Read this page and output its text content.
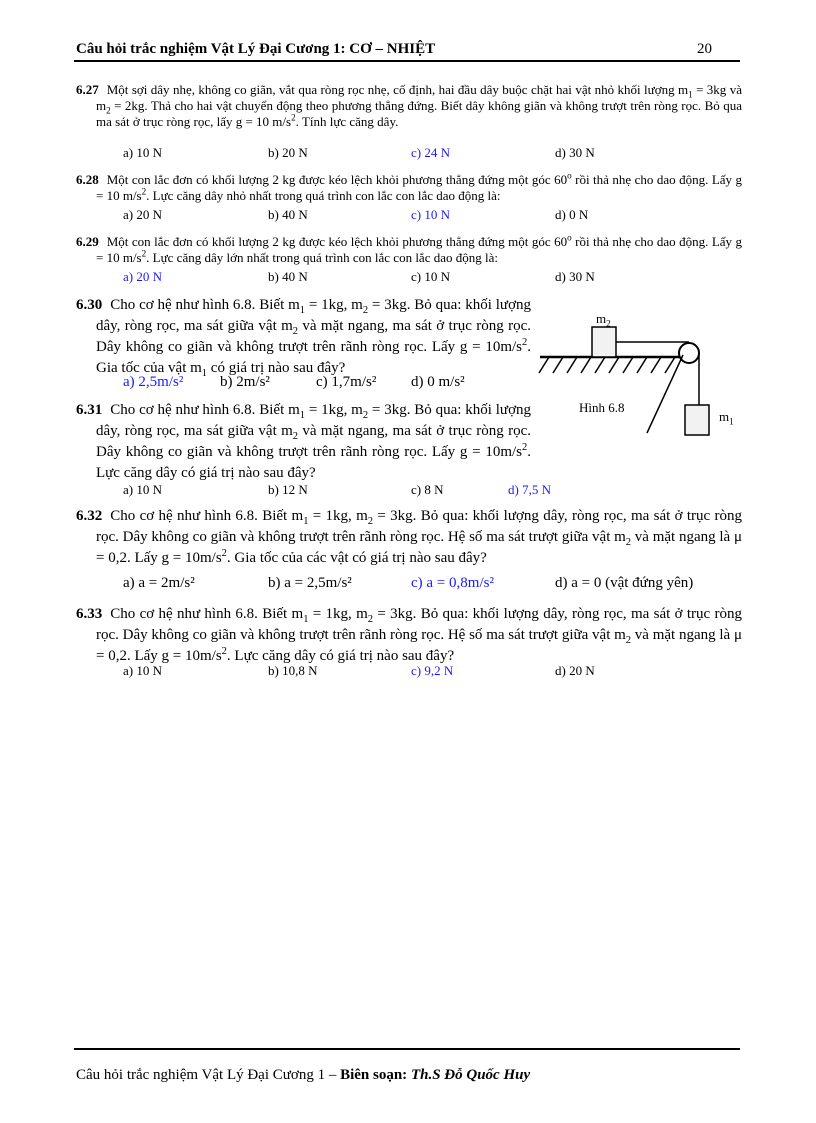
Câu hỏi trắc nghiệm Vật Lý Đại Cương 1: CƠ – NHIỆT	20
6.27 Một sợi dây nhẹ, không co giãn, vắt qua ròng rọc nhẹ, cố định, hai đầu dây buộc chặt hai vật nhỏ khối lượng $m_1 = 3kg$ và $m_2 = 2kg$. Thả cho hai vật chuyển động theo phương thẳng đứng. Biết dây không giãn và không trượt trên ròng rọc. Bỏ qua ma sát ở trục ròng rọc, lấy g = 10 $m/s^2$. Tính lực căng dây.
a) 10 N	b) 20 N	c) 24 N	d) 30 N
6.28 Một con lắc đơn có khối lượng 2 kg được kéo lệch khỏi phương thẳng đứng một góc 60$^o$ rồi thả nhẹ cho dao động. Lấy g = 10 $m/s^2$. Lực căng dây nhỏ nhất trong quá trình con lắc con lắc dao động là:
a) 20 N	b) 40 N	c) 10 N	d) 0 N
6.29 Một con lắc đơn có khối lượng 2 kg được kéo lệch khỏi phương thẳng đứng một góc 60$^o$ rồi thả nhẹ cho dao động. Lấy g = 10 $m/s^2$. Lực căng dây lớn nhất trong quá trình con lắc con lắc dao động là:
a) 20 N	b) 40 N	c) 10 N	d) 30 N
6.30 Cho cơ hệ như hình 6.8. Biết $m_1 = 1kg$, $m_2 = 3kg$. Bỏ qua: khối lượng dây, ròng rọc, ma sát giữa vật $m_2$ và mặt ngang, ma sát ở trục ròng rọc. Dây không co giãn và không trượt trên rãnh ròng rọc. Lấy $g = 10m/s^2$. Gia tốc của vật $m_1$ có giá trị nào sau đây?
a) 2,5m/s² b) 2m/s²	c) 1,7m/s² d) 0 m/s²
6.31 Cho cơ hệ như hình 6.8. Biết $m_1 = 1kg$, $m_2 = 3kg$. Bỏ qua: khối lượng dây, ròng rọc, ma sát giữa vật $m_2$ và mặt ngang, ma sát ở trục ròng rọc. Dây không co giãn và không trượt trên rãnh ròng rọc. Lấy $g = 10m/s^2$. Lực căng dây có giá trị nào sau đây?
a) 10 N	b) 12 N	c) 8 N	d) 7,5 N
6.32 Cho cơ hệ như hình 6.8. Biết $m_1 = 1kg$, $m_2 = 3kg$. Bỏ qua: khối lượng dây, ròng rọc, ma sát ở trục ròng rọc. Dây không co giãn và không trượt trên rãnh ròng rọc. Hệ số ma sát trượt giữa vật $m_2$ và mặt ngang là μ = 0,2. Lấy $g = 10m/s^2$. Gia tốc của các vật có giá trị nào sau đây?
a) a = 2m/s²	b) a = 2,5m/s²	c) a = 0,8m/s²	d) a = 0 (vật đứng yên)
6.33 Cho cơ hệ như hình 6.8. Biết $m_1 = 1kg$, $m_2 = 3kg$. Bỏ qua: khối lượng dây, ròng rọc, ma sát ở trục ròng rọc. Dây không co giãn và không trượt trên rãnh ròng rọc. Hệ số ma sát trượt giữa vật $m_2$ và mặt ngang là μ = 0,2. Lấy $g = 10m/s^2$. Lực căng dây có giá trị nào sau đây?
a) 10 N	b) 10,8 N	c) 9,2 N	d) 20 N
$m_2$
$m_1$
Hình 6.8
Câu hỏi trắc nghiệm Vật Lý Đại Cương 1 – Biên soạn: Th.S Đỗ Quốc Huy
